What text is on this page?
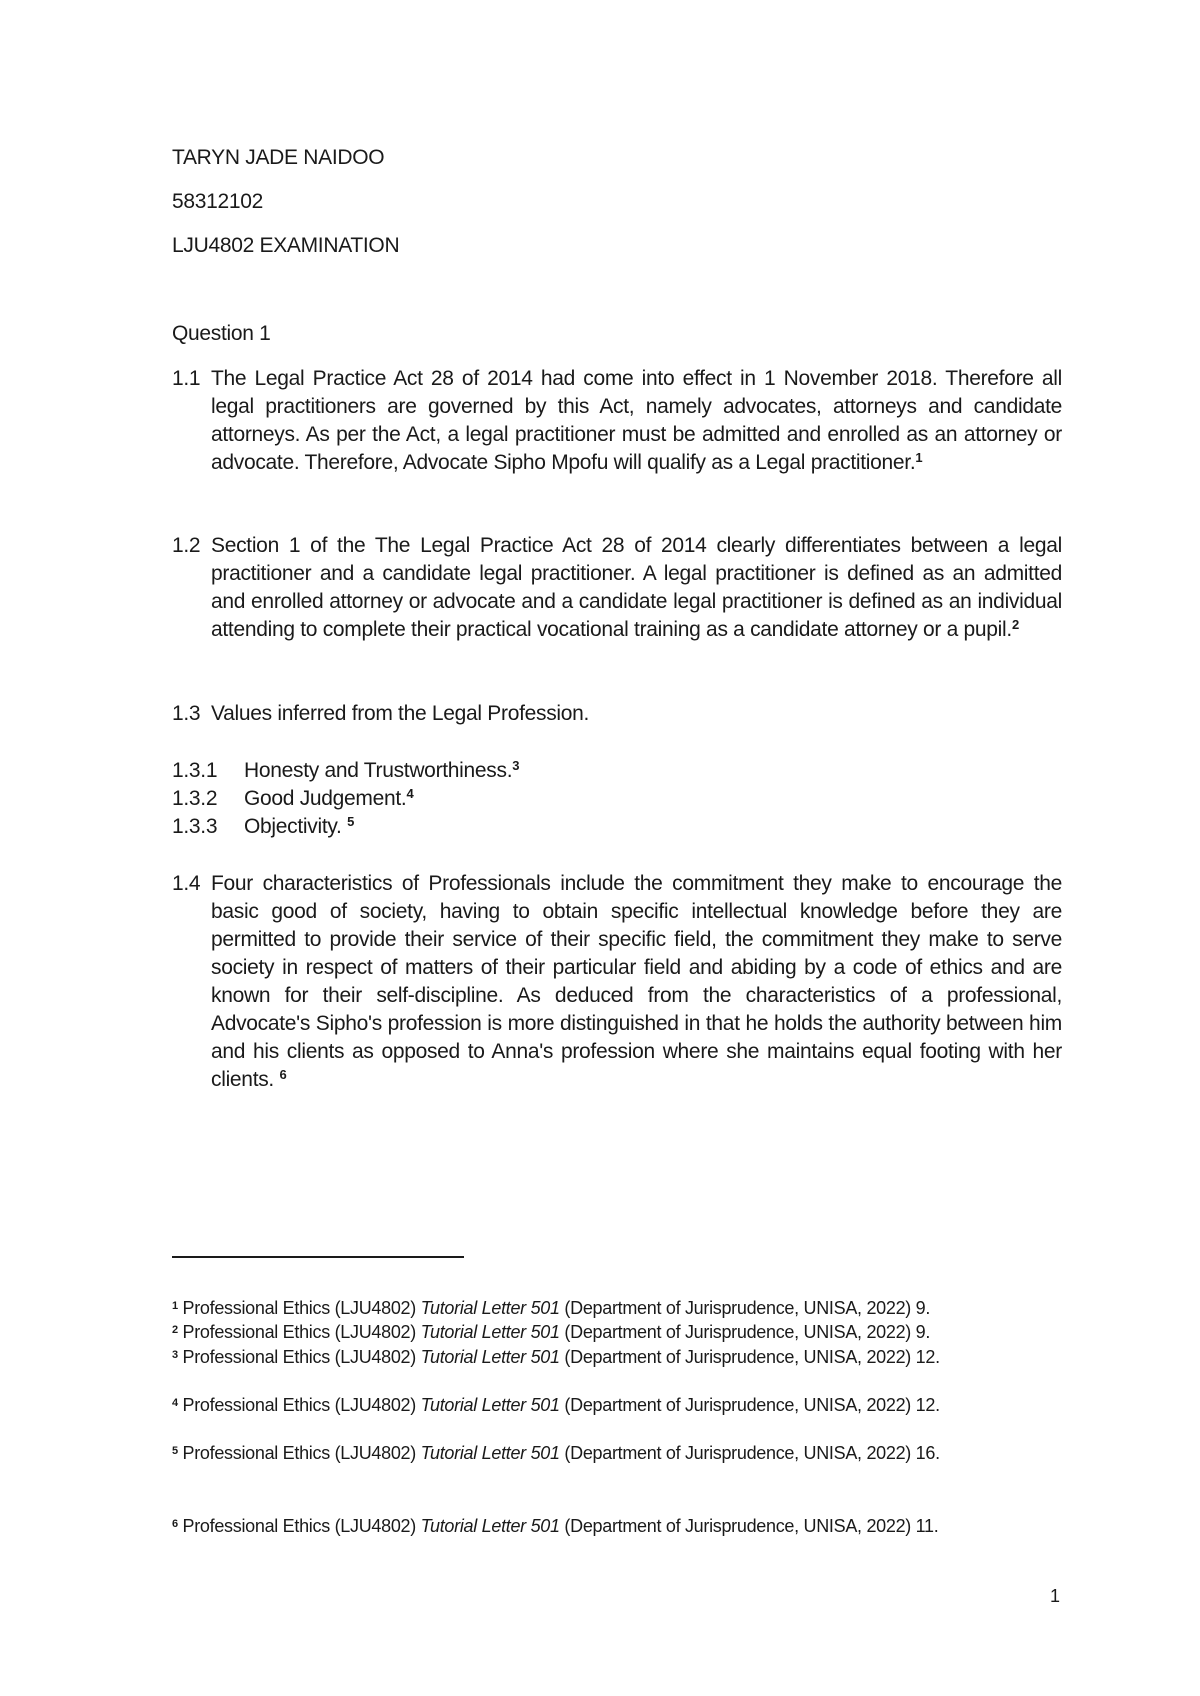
TARYN JADE NAIDOO
58312102
LJU4802 EXAMINATION
Question 1
1.1 The Legal Practice Act 28 of 2014 had come into effect in 1 November 2018. Therefore all legal practitioners are governed by this Act, namely advocates, attorneys and candidate attorneys. As per the Act, a legal practitioner must be admitted and enrolled as an attorney or advocate. Therefore, Advocate Sipho Mpofu will qualify as a Legal practitioner.$^1$
1.2 Section 1 of the The Legal Practice Act 28 of 2014 clearly differentiates between a legal practitioner and a candidate legal practitioner. A legal practitioner is defined as an admitted and enrolled attorney or advocate and a candidate legal practitioner is defined as an individual attending to complete their practical vocational training as a candidate attorney or a pupil.$^2$
1.3 Values inferred from the Legal Profession.
1.3.1 Honesty and Trustworthiness.$^3$
1.3.2 Good Judgement.$^4$
1.3.3 Objectivity. $^5$
1.4 Four characteristics of Professionals include the commitment they make to encourage the basic good of society, having to obtain specific intellectual knowledge before they are permitted to provide their service of their specific field, the commitment they make to serve society in respect of matters of their particular field and abiding by a code of ethics and are known for their self-discipline. As deduced from the characteristics of a professional, Advocate's Sipho's profession is more distinguished in that he holds the authority between him and his clients as opposed to Anna's profession where she maintains equal footing with her clients. $^6$
$^1$ Professional Ethics (LJU4802) Tutorial Letter 501 (Department of Jurisprudence, UNISA, 2022) 9.
$^2$ Professional Ethics (LJU4802) Tutorial Letter 501 (Department of Jurisprudence, UNISA, 2022) 9.
$^3$ Professional Ethics (LJU4802) Tutorial Letter 501 (Department of Jurisprudence, UNISA, 2022) 12.
$^4$ Professional Ethics (LJU4802) Tutorial Letter 501 (Department of Jurisprudence, UNISA, 2022) 12.
$^5$ Professional Ethics (LJU4802) Tutorial Letter 501 (Department of Jurisprudence, UNISA, 2022) 16.
$^6$ Professional Ethics (LJU4802) Tutorial Letter 501 (Department of Jurisprudence, UNISA, 2022) 11.
1
